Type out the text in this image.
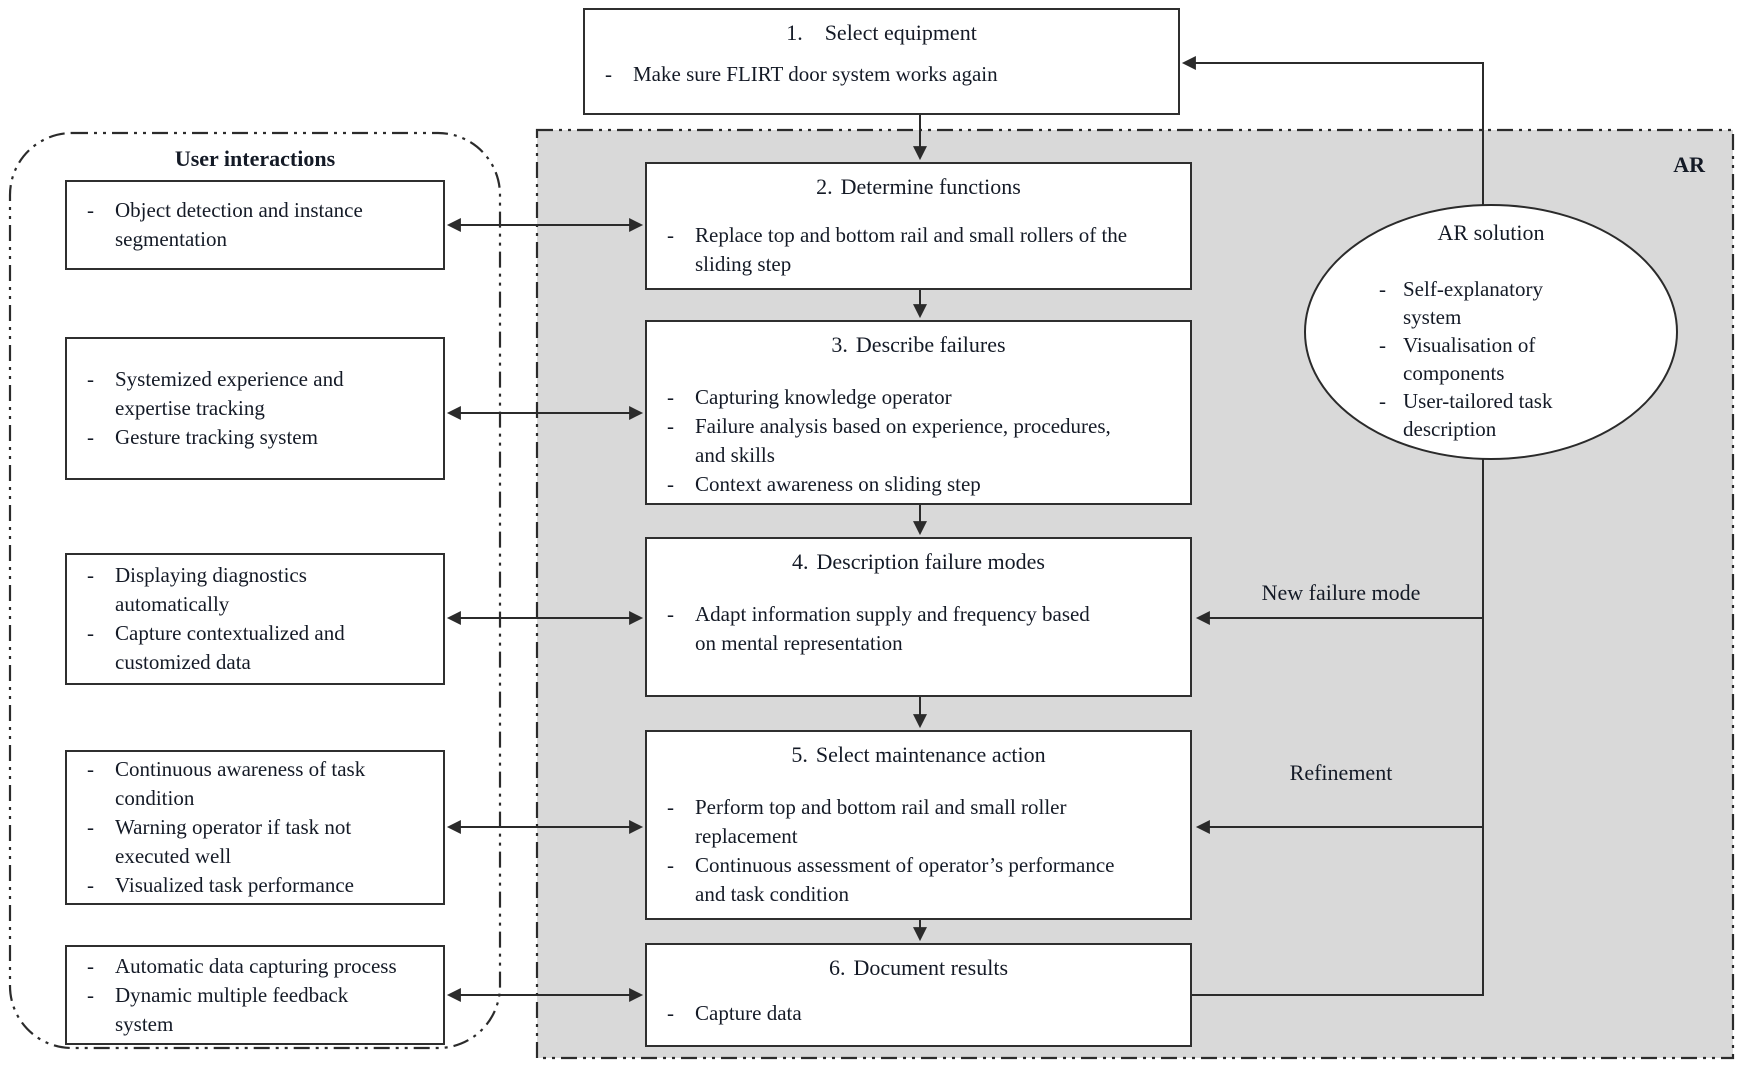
AR
User interactions
New failure mode
Refinement
1. Select equipment
-
Make sure FLIRT door system works again
2. Determine functions
-
Replace top and bottom rail and small rollers of the sliding step
3. Describe failures
-
Capturing knowledge operator
-
Failure analysis based on experience, procedures, and skills
-
Context awareness on sliding step
4. Description failure modes
-
Adapt information supply and frequency based on mental representation
5. Select maintenance action
-
Perform top and bottom rail and small roller replacement
-
Continuous assessment of operator’s performance and task condition
6. Document results
-
Capture data
-
Object detection and instance segmentation
-
Systemized experience and expertise tracking
-
Gesture tracking system
-
Displaying diagnostics automatically
-
Capture contextualized and customized data
-
Continuous awareness of task condition
-
Warning operator if task not executed well
-
Visualized task performance
-
Automatic data capturing process
-
Dynamic multiple feedback system
AR solution
-
Self-explanatory system
-
Visualisation of components
-
User-tailored task description
